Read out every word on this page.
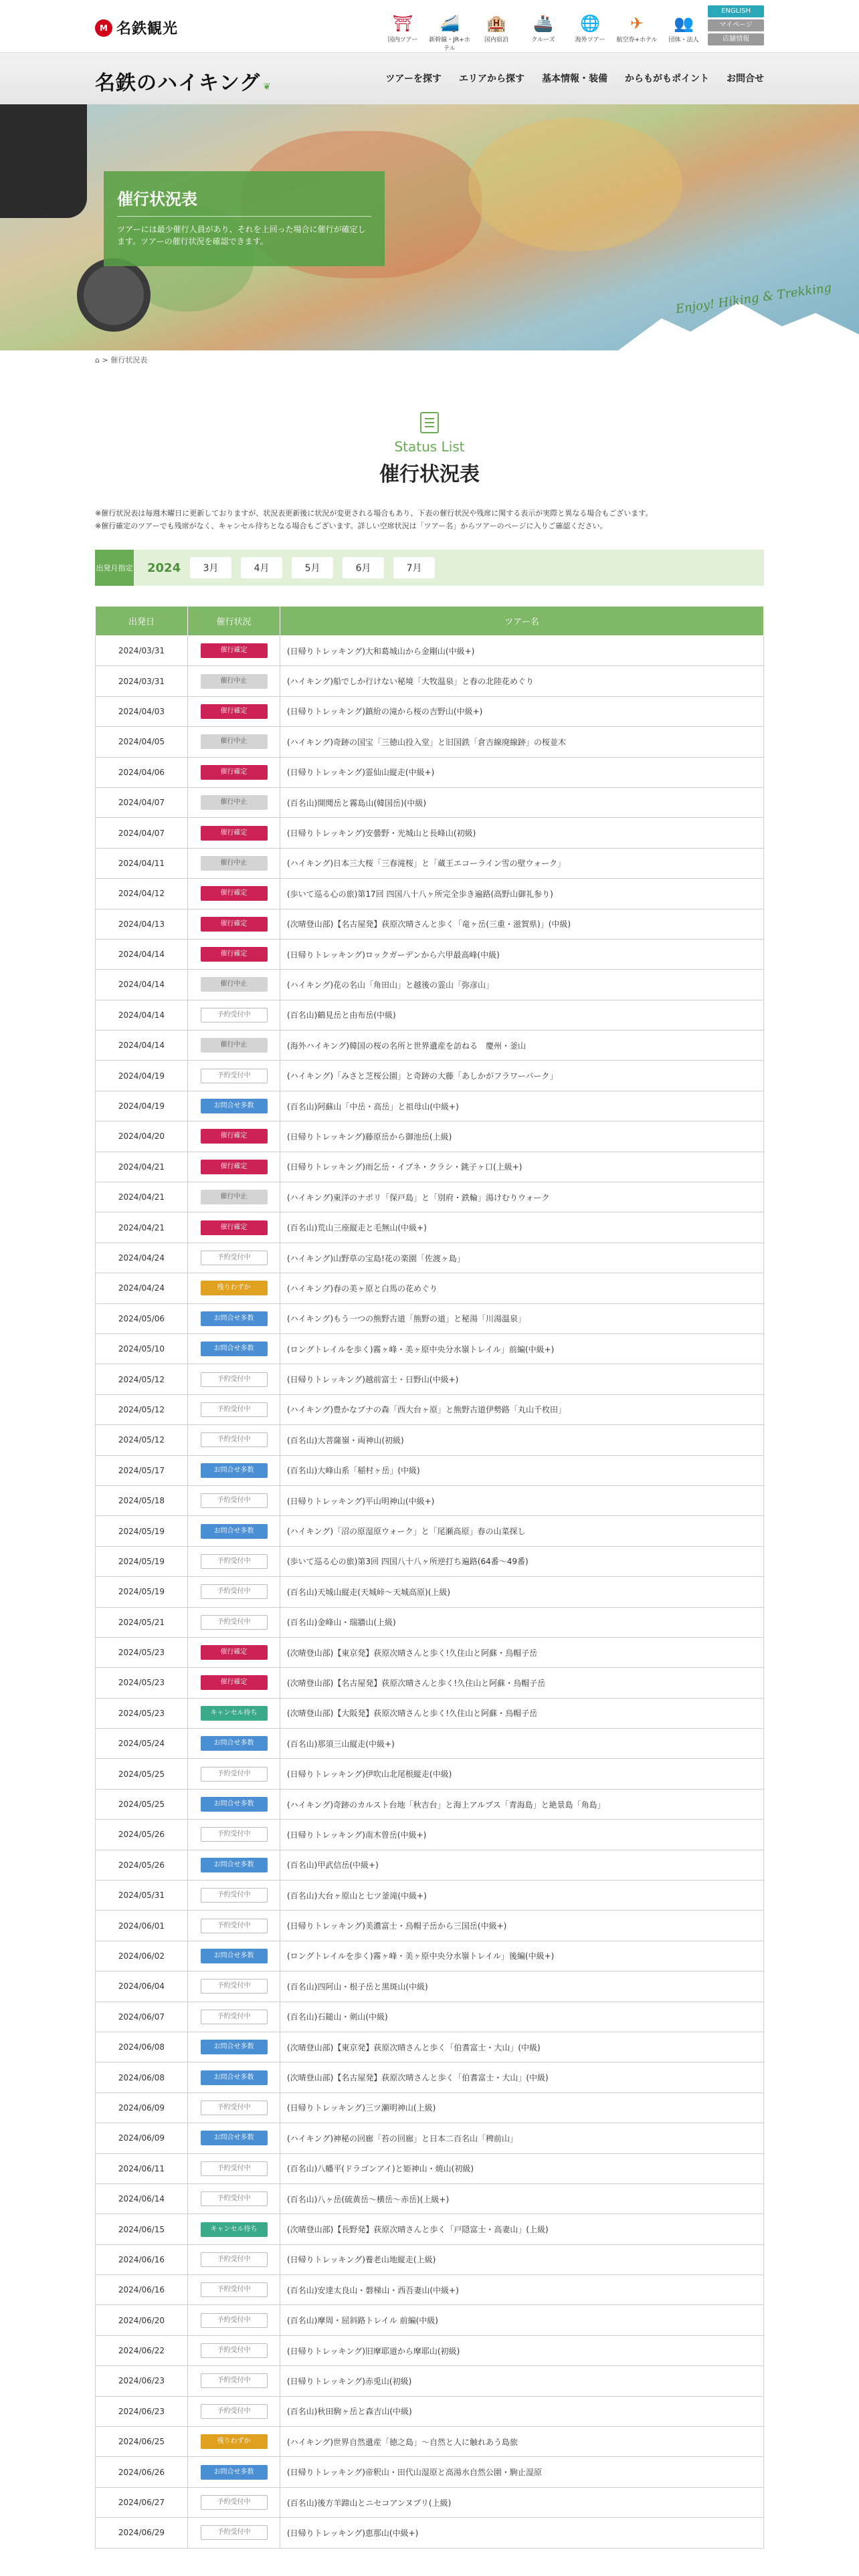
M 名鉄観光	⛩
国内ツアー
🚄
新幹線・JR+ホテル
🏨
国内宿泊
🚢
クルーズ
🌐
海外ツアー
✈
航空券+ホテル
👥
団体・法人
ENGLISH
マイページ
店舗情報
名鉄のハイキング ❦
ツアーを探す エリアから探す 基本情報・装備 からもがもポイント お問合せ
催行状況表
ツアーには最少催行人員があり、それを上回った場合に催行が確定します。ツアーの催行状況を確認できます。
Enjoy! Hiking & Trekking
⌂ > 催行状況表
Status List
催行状況表

※催行状況表は毎週木曜日に更新しておりますが、状況表更新後に状況が変更される場合もあり、下表の催行状況や残席に関する表示が実際と異なる場合もございます。

※催行確定のツアーでも残席がなく、キャンセル待ちとなる場合もございます。詳しい空席状況は「ツアー名」からツアーのページに入りご確認ください。

出発月指定 2024	3月	4月	5月	6月	7月
出発日	催行状況	ツアー名
2024/03/31	催行確定	(日帰りトレッキング)大和葛城山から金剛山(中級+)
2024/03/31	催行中止	(ハイキング)船でしか行けない秘境「大牧温泉」と春の北陸花めぐり
2024/04/03	催行確定	(日帰りトレッキング)鎮紛の滝から桜の吉野山(中級+)
2024/04/05	催行中止	(ハイキング)奇跡の国宝「三徳山投入堂」と旧国鉄「倉吉線廃線跡」の桜並木
2024/04/06	催行確定	(日帰りトレッキング)霊仙山縦走(中級+)
2024/04/07	催行中止	(百名山)開聞岳と霧島山(韓国岳)(中級)
2024/04/07	催行確定	(日帰りトレッキング)安曇野・光城山と長峰山(初級)
2024/04/11	催行中止	(ハイキング)日本三大桜「三春滝桜」と「蔵王エコーライン雪の壁ウォーク」
2024/04/12	催行確定	(歩いて巡る心の旅)第17回 四国八十八ヶ所完全歩き遍路(高野山御礼参り)
2024/04/13	催行確定	(次晴登山部)【名古屋発】荻原次晴さんと歩く「竜ヶ岳(三重・滋賀県)」(中級)
2024/04/14	催行確定	(日帰りトレッキング)ロックガーデンから六甲最高峰(中級)
2024/04/14	催行中止	(ハイキング)花の名山「角田山」と越後の霊山「弥彦山」
2024/04/14	予約受付中	(百名山)鶴見岳と由布岳(中級)
2024/04/14	催行中止	(海外ハイキング)韓国の桜の名所と世界遺産を訪ねる　慶州・釜山
2024/04/19	予約受付中	(ハイキング)「みさと芝桜公園」と奇跡の大藤「あしかがフラワーパーク」
2024/04/19	お問合せ多数	(百名山)阿蘇山「中岳・高岳」と祖母山(中級+)
2024/04/20	催行確定	(日帰りトレッキング)藤原岳から御池岳(上級)
2024/04/21	催行確定	(日帰りトレッキング)雨乞岳・イブネ・クラシ・銚子ヶ口(上級+)
2024/04/21	催行中止	(ハイキング)東洋のナポリ「保戸島」と「別府・鉄輪」湯けむりウォーク
2024/04/21	催行確定	(百名山)荒山三座縦走と毛無山(中級+)
2024/04/24	予約受付中	(ハイキング)山野草の宝島!花の楽園「佐渡ヶ島」
2024/04/24	残りわずか	(ハイキング)春の美ヶ原と白馬の花めぐり
2024/05/06	お問合せ多数	(ハイキング)もう一つの熊野古道「熊野の道」と秘湯「川湯温泉」
2024/05/10	お問合せ多数	(ロングトレイルを歩く)霧ヶ峰・美ヶ原中央分水嶺トレイル」前編(中級+)
2024/05/12	予約受付中	(日帰りトレッキング)越前富士・日野山(中級+)
2024/05/12	予約受付中	(ハイキング)豊かなブナの森「西大台ヶ原」と熊野古道伊勢路「丸山千枚田」
2024/05/12	予約受付中	(百名山)大菩薩嶺・両神山(初級)
2024/05/17	お問合せ多数	(百名山)大峰山系「稲村ヶ岳」(中級)
2024/05/18	予約受付中	(日帰りトレッキング)平山明神山(中級+)
2024/05/19	お問合せ多数	(ハイキング)「沼の原湿原ウォーク」と「尾瀬高原」春の山菜探し
2024/05/19	予約受付中	(歩いて巡る心の旅)第3回 四国八十八ヶ所逆打ち遍路(64番〜49番)
2024/05/19	予約受付中	(百名山)天城山縦走(天城峠〜天城高原)(上級)
2024/05/21	予約受付中	(百名山)金峰山・瑞牆山(上級)
2024/05/23	催行確定	(次晴登山部)【東京発】荻原次晴さんと歩く!久住山と阿蘇・烏帽子岳
2024/05/23	催行確定	(次晴登山部)【名古屋発】荻原次晴さんと歩く!久住山と阿蘇・烏帽子岳
2024/05/23	キャンセル待ち	(次晴登山部)【大阪発】荻原次晴さんと歩く!久住山と阿蘇・烏帽子岳
2024/05/24	お問合せ多数	(百名山)那須三山縦走(中級+)
2024/05/25	予約受付中	(日帰りトレッキング)伊吹山北尾根縦走(中級)
2024/05/25	お問合せ多数	(ハイキング)奇跡のカルスト台地「秋吉台」と海上アルプス「青海島」と絶景島「角島」
2024/05/26	予約受付中	(日帰りトレッキング)南木曽岳(中級+)
2024/05/26	お問合せ多数	(百名山)甲武信岳(中級+)
2024/05/31	予約受付中	(百名山)大台ヶ原山と七ツ釜滝(中級+)
2024/06/01	予約受付中	(日帰りトレッキング)美濃富士・烏帽子岳から三国岳(中級+)
2024/06/02	お問合せ多数	(ロングトレイルを歩く)霧ヶ峰・美ヶ原中央分水嶺トレイル」後編(中級+)
2024/06/04	予約受付中	(百名山)四阿山・根子岳と黒斑山(中級)
2024/06/07	予約受付中	(百名山)石鎚山・剣山(中級)
2024/06/08	お問合せ多数	(次晴登山部)【東京発】荻原次晴さんと歩く「伯耆富士・大山」(中級)
2024/06/08	お問合せ多数	(次晴登山部)【名古屋発】荻原次晴さんと歩く「伯耆富士・大山」(中級)
2024/06/09	予約受付中	(日帰りトレッキング)三ツ瀬明神山(上級)
2024/06/09	お問合せ多数	(ハイキング)神秘の回廊「苔の回廊」と日本二百名山「稗前山」
2024/06/11	予約受付中	(百名山)八幡平(ドラゴンアイ)と姫神山・焼山(初級)
2024/06/14	予約受付中	(百名山)八ヶ岳(硫黄岳〜横岳〜赤岳)(上級+)
2024/06/15	キャンセル待ち	(次晴登山部)【長野発】荻原次晴さんと歩く「戸隠富士・高妻山」(上級)
2024/06/16	予約受付中	(日帰りトレッキング)養老山地縦走(上級)
2024/06/16	予約受付中	(百名山)安達太良山・磐梯山・西吾妻山(中級+)
2024/06/20	予約受付中	(百名山)摩周・屈斜路トレイル 前編(中級)
2024/06/22	予約受付中	(日帰りトレッキング)旧摩耶道から摩耶山(初級)
2024/06/23	予約受付中	(日帰りトレッキング)赤兎山(初級)
2024/06/23	予約受付中	(百名山)秋田駒ヶ岳と森吉山(中級)
2024/06/25	残りわずか	(ハイキング)世界自然遺産「徳之島」〜自然と人に触れあう島旅
2024/06/26	お問合せ多数	(日帰りトレッキング)帝釈山・田代山湿原と高湯水自然公園・駒止湿原
2024/06/27	予約受付中	(百名山)後方羊蹄山とニセコアンヌプリ(上級)
2024/06/29	予約受付中	(日帰りトレッキング)恵那山(中級+)
